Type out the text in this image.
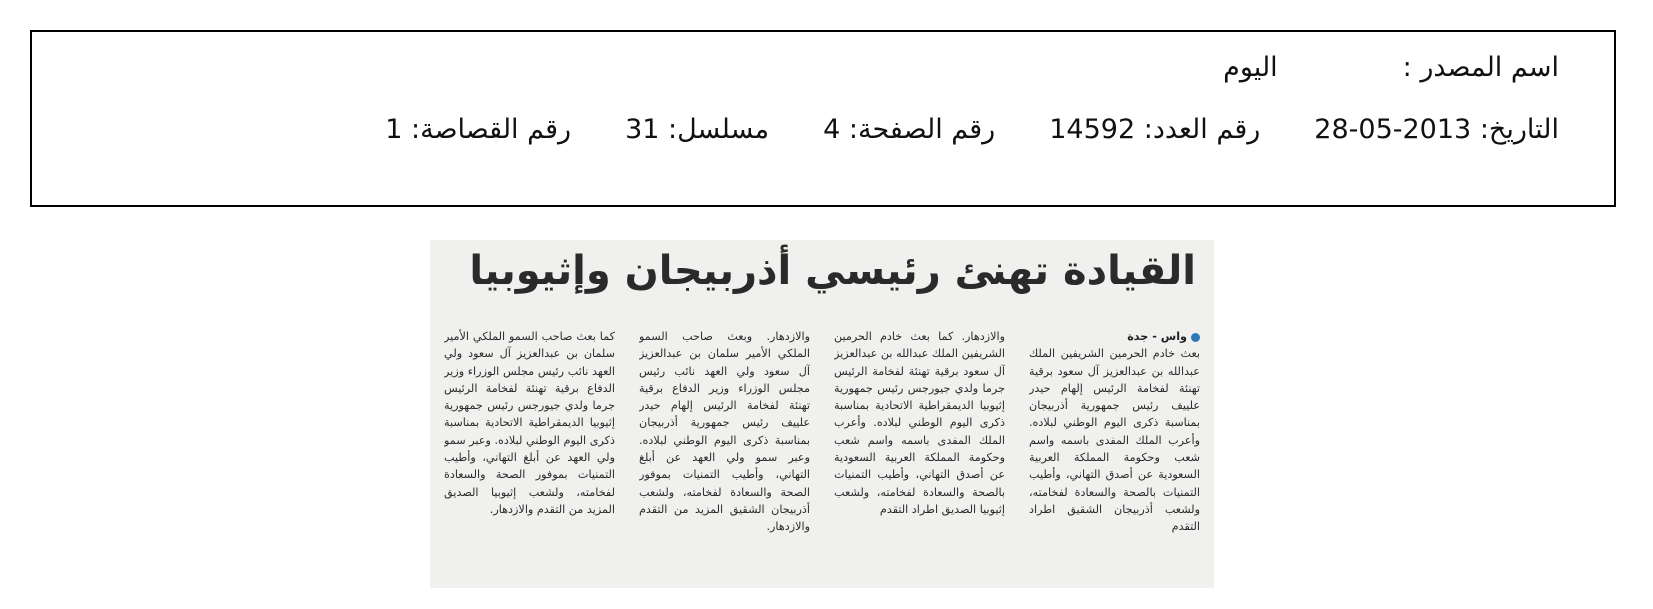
اسم المصدر :اليوم
التاريخ: 2013-05-28رقم العدد: 14592رقم الصفحة: 4مسلسل: 31رقم القصاصة: 1
القيادة تهنئ رئيسي أذربيجان وإثيوبيا

واس - جدة

بعث خادم الحرمين الشريفين الملك عبدالله بن عبدالعزيز آل سعود برقية تهنئة لفخامة الرئيس إلهام حيدر علييف رئيس جمهورية أذربيجان بمناسبة ذكرى اليوم الوطني لبلاده. وأعرب الملك المفدى باسمه واسم شعب وحكومة المملكة العربية السعودية عن أصدق التهاني، وأطيب التمنيات بالصحة والسعادة لفخامته، ولشعب أذربيجان الشقيق اطراد التقدم

والازدهار. كما بعث خادم الحرمين الشريفين الملك عبدالله بن عبدالعزيز آل سعود برقية تهنئة لفخامة الرئيس جرما ولدي جيورجس رئيس جمهورية إثيوبيا الديمقراطية الاتحادية بمناسبة ذكرى اليوم الوطني لبلاده. وأعرب الملك المفدى باسمه واسم شعب وحكومة المملكة العربية السعودية عن أصدق التهاني، وأطيب التمنيات بالصحة والسعادة لفخامته، ولشعب إثيوبيا الصديق اطراد التقدم

والازدهار. وبعث صاحب السمو الملكي الأمير سلمان بن عبدالعزيز آل سعود ولي العهد نائب رئيس مجلس الوزراء وزير الدفاع برقية تهنئة لفخامة الرئيس إلهام حيدر علييف رئيس جمهورية أذربيجان بمناسبة ذكرى اليوم الوطني لبلاده. وعبر سمو ولي العهد عن أبلغ التهاني، وأطيب التمنيات بموفور الصحة والسعادة لفخامته، ولشعب أذربيجان الشقيق المزيد من التقدم والازدهار.

كما بعث صاحب السمو الملكي الأمير سلمان بن عبدالعزيز آل سعود ولي العهد نائب رئيس مجلس الوزراء وزير الدفاع برقية تهنئة لفخامة الرئيس جرما ولدي جيورجس رئيس جمهورية إثيوبيا الديمقراطية الاتحادية بمناسبة ذكرى اليوم الوطني لبلاده. وعبر سمو ولي العهد عن أبلغ التهاني، وأطيب التمنيات بموفور الصحة والسعادة لفخامته، ولشعب إثيوبيا الصديق المزيد من التقدم والازدهار.
